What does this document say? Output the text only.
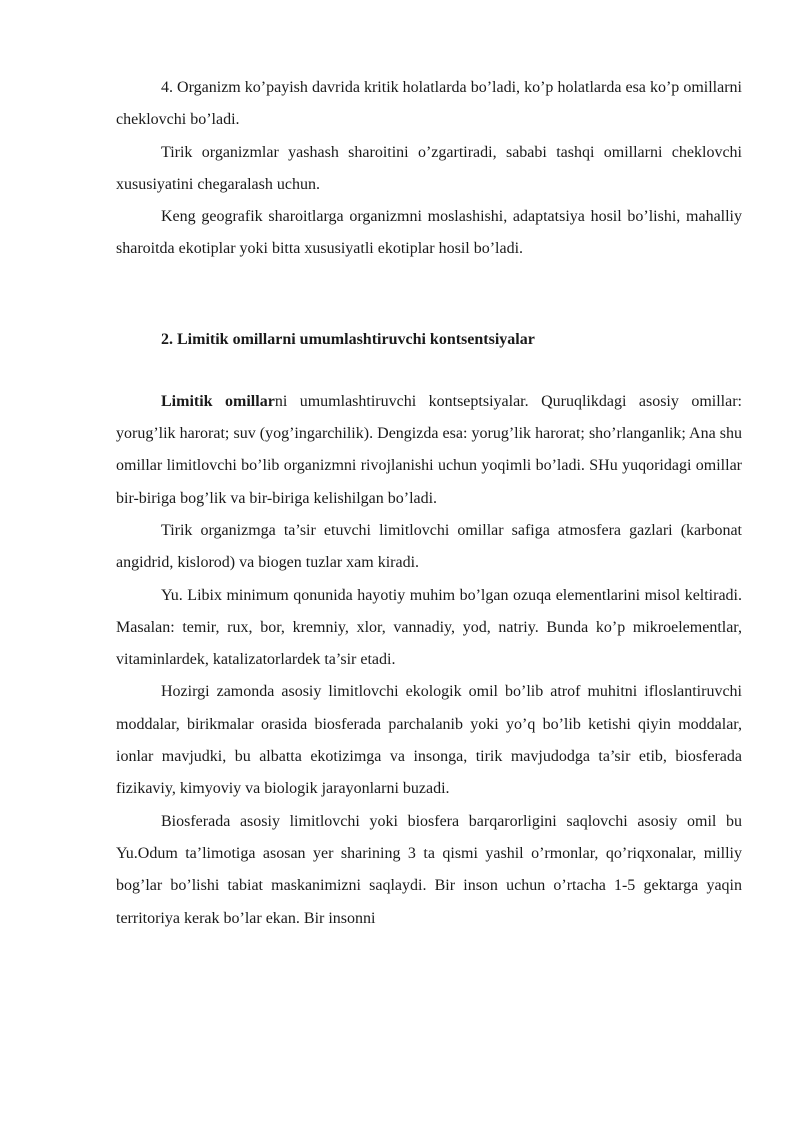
4. Organizm ko’payish davrida kritik holatlarda bo’ladi, ko’p holatlarda esa ko’p omillarni cheklovchi bo’ladi.

Tirik organizmlar yashash sharoitini o’zgartiradi, sababi tashqi omillarni cheklovchi xususiyatini chegaralash uchun.

Keng geografik sharoitlarga organizmni moslashishi, adaptatsiya hosil bo’lishi, mahalliy sharoitda ekotiplar yoki bitta xususiyatli ekotiplar hosil bo’ladi.

2. Limitik omillarni umumlashtiruvchi kontsentsiyalar

Limitik omillarni umumlashtiruvchi kontseptsiyalar. Quruqlikdagi asosiy omillar: yorug’lik harorat; suv (yog’ingarchilik). Dengizda esa: yorug’lik harorat; sho’rlanganlik; Ana shu omillar limitlovchi bo’lib organizmni rivojlanishi uchun yoqimli bo’ladi. SHu yuqoridagi omillar bir-biriga bog’lik va bir-biriga kelishilgan bo’ladi.

Tirik organizmga ta’sir etuvchi limitlovchi omillar safiga atmosfera gazlari (karbonat angidrid, kislorod) va biogen tuzlar xam kiradi.

Yu. Libix minimum qonunida hayotiy muhim bo’lgan ozuqa elementlarini misol keltiradi. Masalan: temir, rux, bor, kremniy, xlor, vannadiy, yod, natriy. Bunda ko’p mikroelementlar, vitaminlardek, katalizatorlardek ta’sir etadi.

Hozirgi zamonda asosiy limitlovchi ekologik omil bo’lib atrof muhitni ifloslantiruvchi moddalar, birikmalar orasida biosferada parchalanib yoki yo’q bo’lib ketishi qiyin moddalar, ionlar mavjudki, bu albatta ekotizimga va insonga, tirik mavjudodga ta’sir etib, biosferada fizikaviy, kimyoviy va biologik jarayonlarni buzadi.

Biosferada asosiy limitlovchi yoki biosfera barqarorligini saqlovchi asosiy omil bu Yu.Odum ta’limotiga asosan yer sharining 3 ta qismi yashil o’rmonlar, qo’riqxonalar, milliy bog’lar bo’lishi tabiat maskanimizni saqlaydi. Bir inson uchun o’rtacha 1-5 gektarga yaqin territoriya kerak bo’lar ekan. Bir insonni
